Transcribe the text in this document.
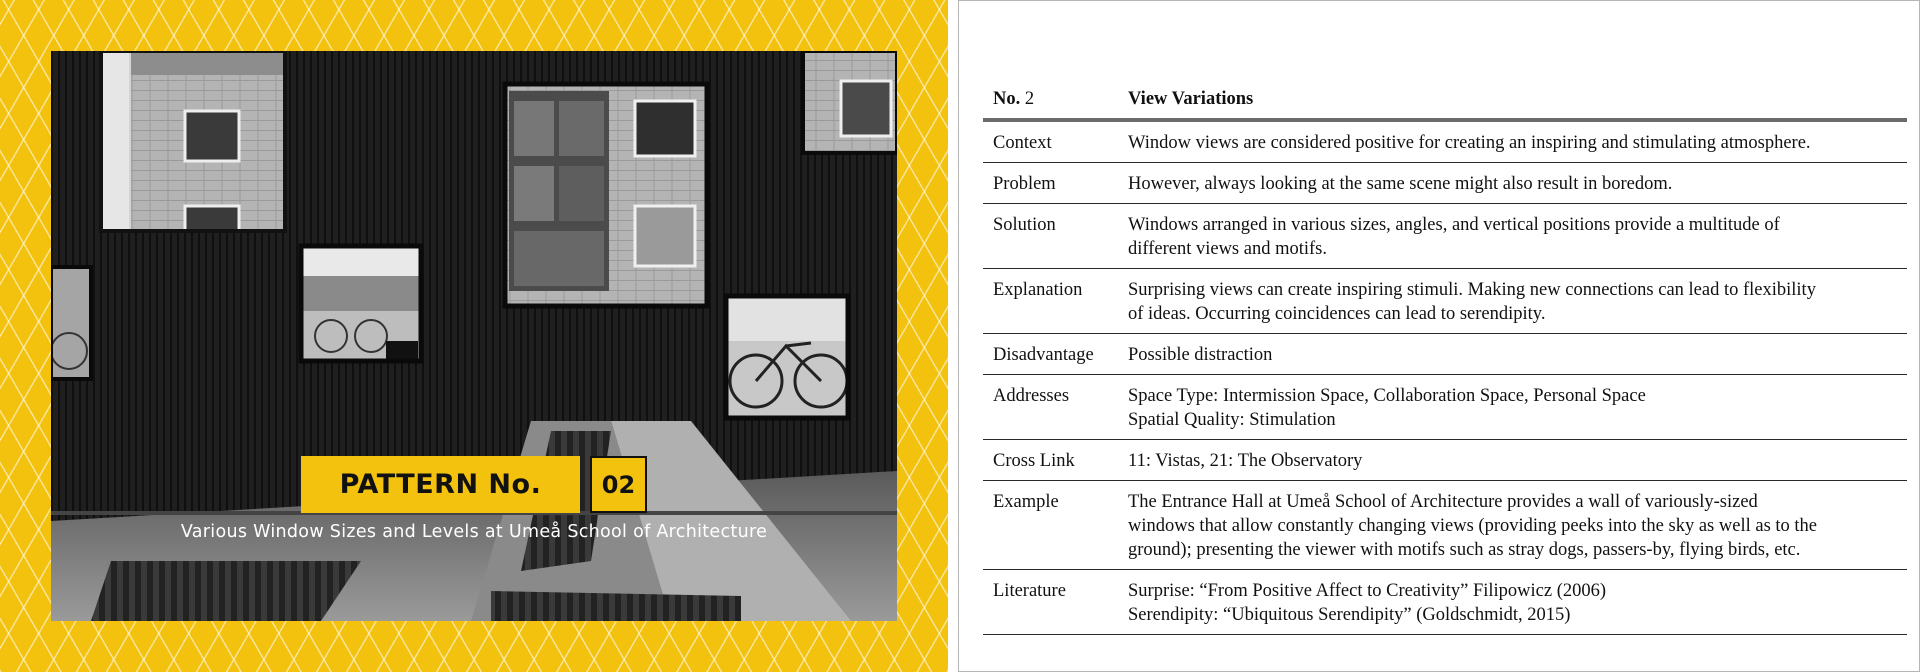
PATTERN No.	02
Various Window Sizes and Levels at Umeå School of Architecture
No. 2	View Variations
Context	Window views are considered positive for creating an inspiring and stimulating atmosphere.

Problem	However, always looking at the same scene might also result in boredom.

Solution	Windows arranged in various sizes, angles, and vertical positions provide a multitude of
different views and motifs.

Explanation	Surprising views can create inspiring stimuli. Making new connections can lead to flexibility
of ideas. Occurring coincidences can lead to serendipity.

Disadvantage	Possible distraction

Addresses	Space Type: Intermission Space, Collaboration Space, Personal Space
Spatial Quality: Stimulation

Cross Link	11: Vistas, 21: The Observatory

Example	The Entrance Hall at Umeå School of Architecture provides a wall of variously-sized
windows that allow constantly changing views (providing peeks into the sky as well as to the
ground); presenting the viewer with motifs such as stray dogs, passers-by, flying birds, etc.

Literature	Surprise: “From Positive Affect to Creativity” Filipowicz (2006)
Serendipity: “Ubiquitous Serendipity” (Goldschmidt, 2015)
